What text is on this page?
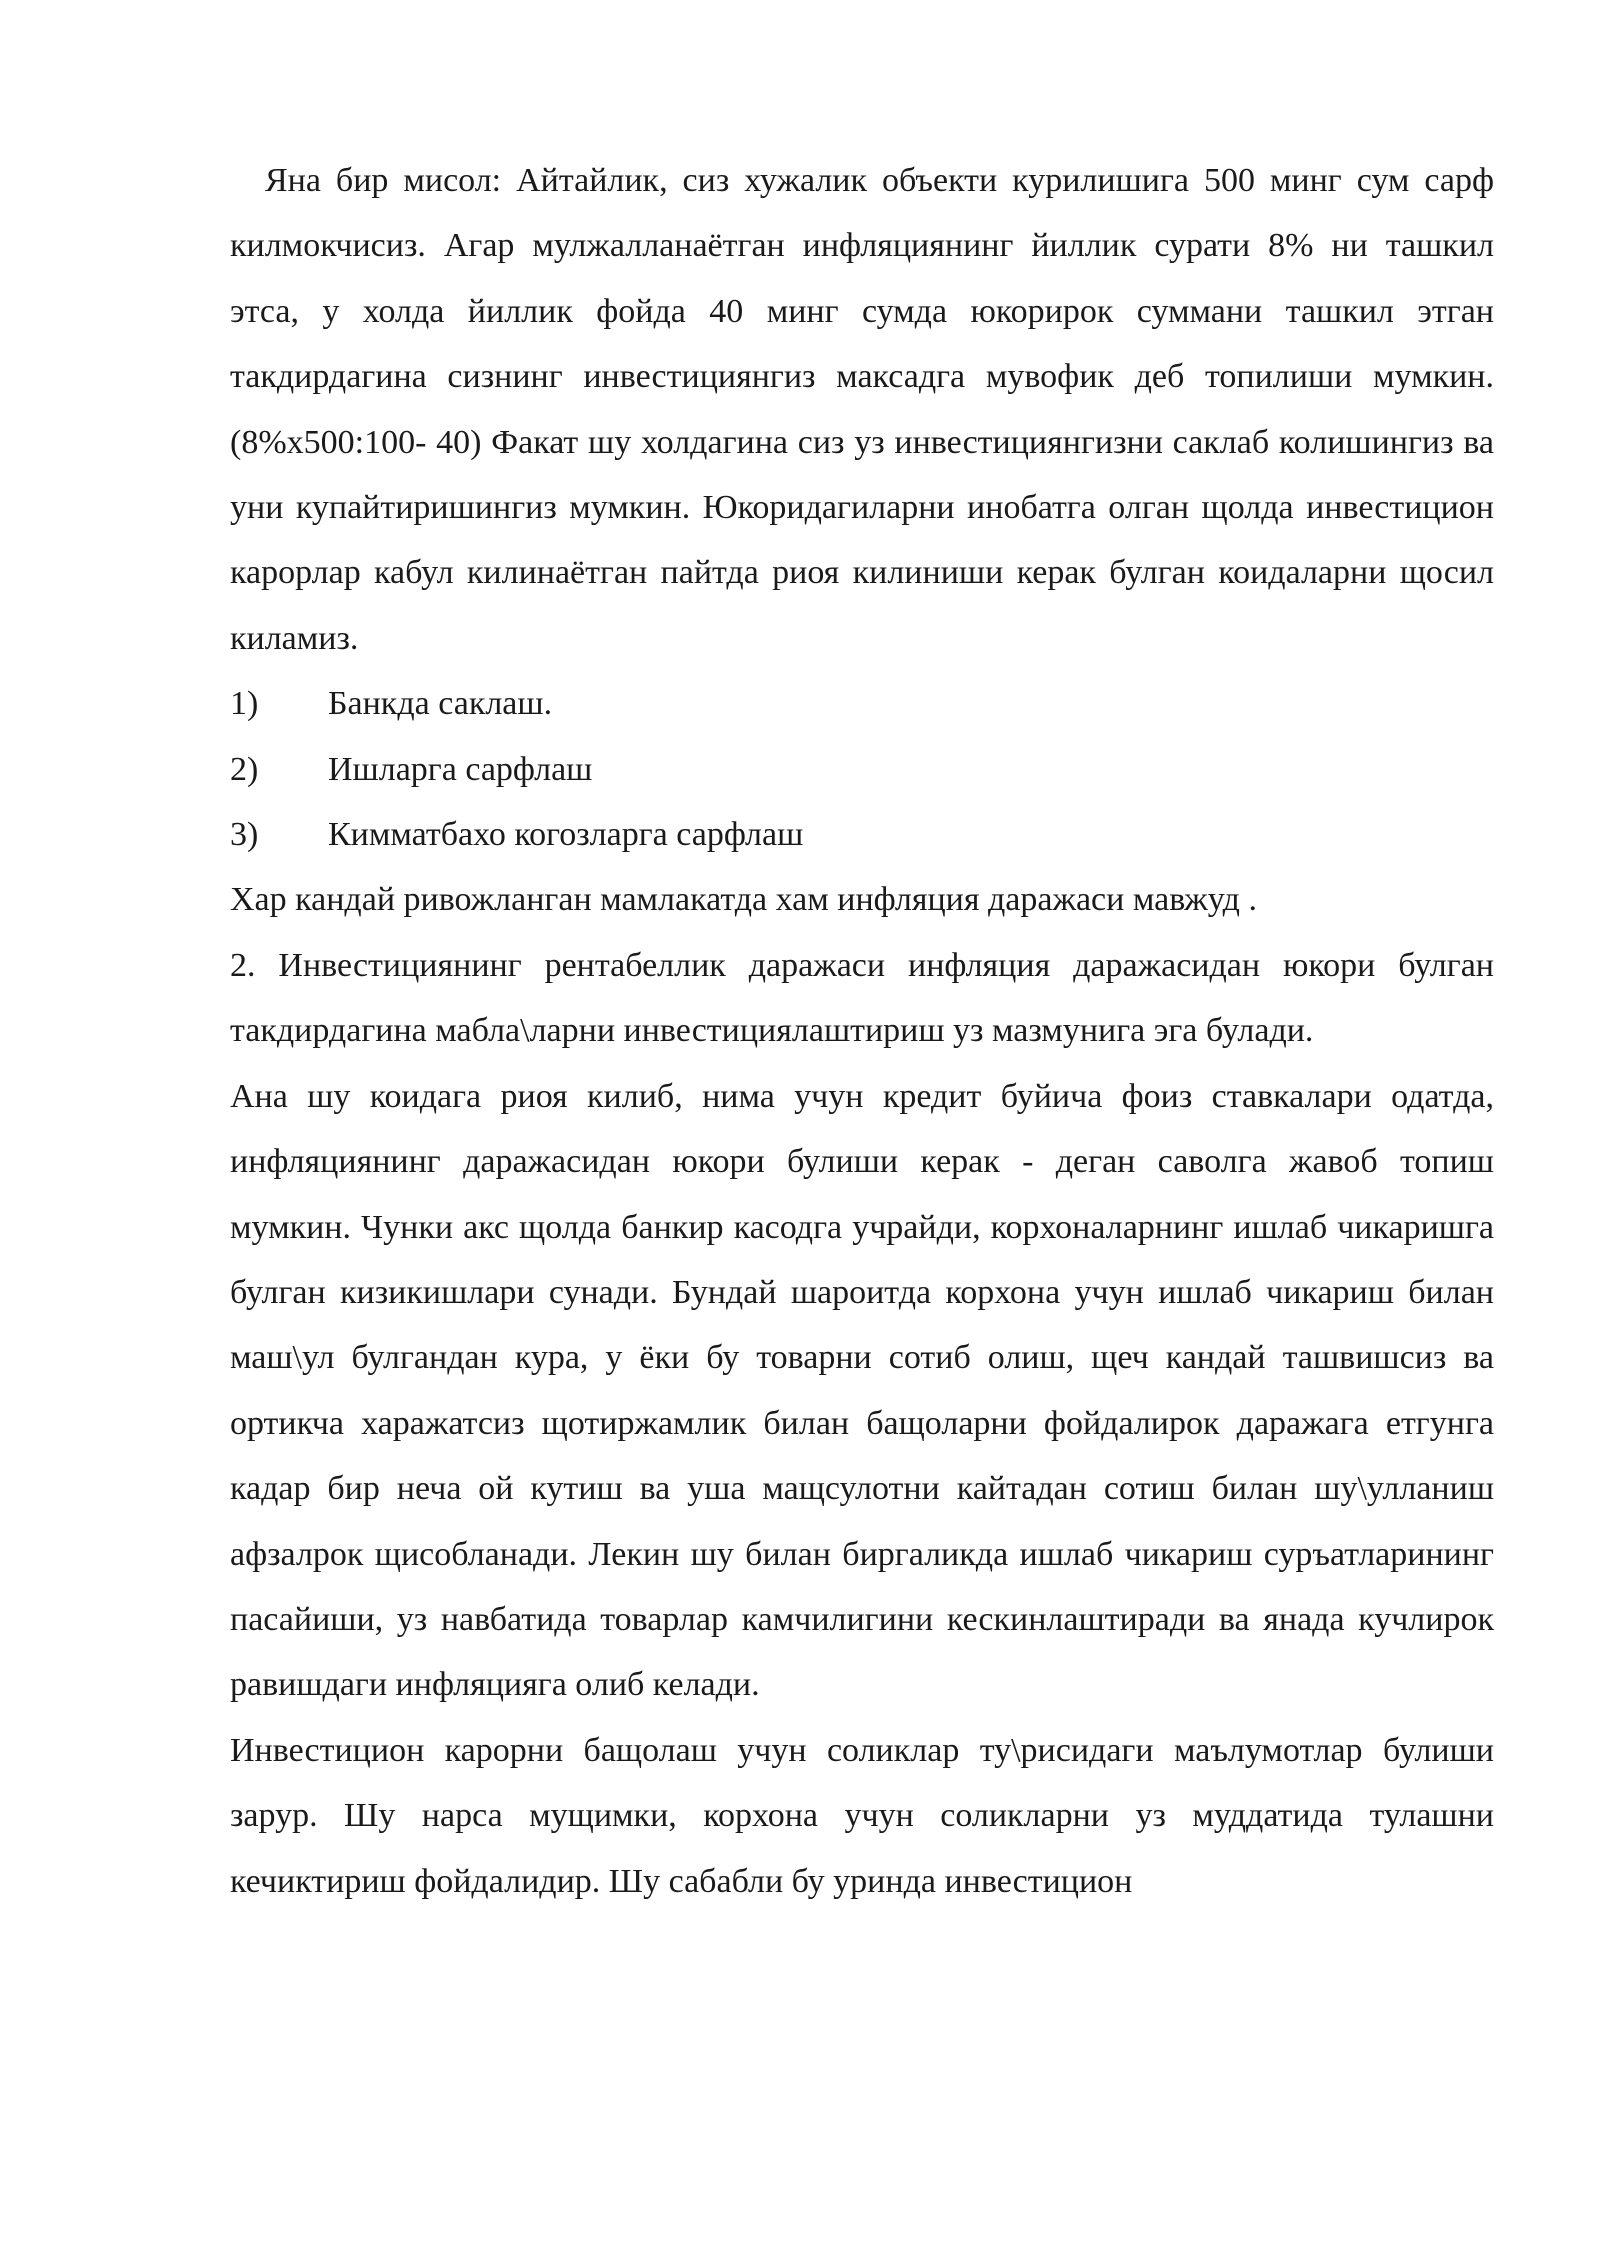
Яна бир мисол: Айтайлик, сиз хужалик объекти курилишига 500 минг сум сарф килмокчисиз. Агар мулжалланаётган инфляциянинг йиллик сурати 8% ни ташкил этса, у холда йиллик фойда 40 минг сумда юкорирок суммани ташкил этган такдирдагина сизнинг инвестициянгиз максадга мувофик деб топилиши мумкин. (8%х500:100- 40) Факат шу холдагина сиз уз инвестициянгизни саклаб колишингиз ва уни купайтиришингиз мумкин. Юкоридагиларни инобатга олган щолда инвестицион карорлар кабул килинаётган пайтда риоя килиниши керак булган коидаларни щосил киламиз.

1)	Банкда саклаш.
2)	Ишларга сарфлаш
3)	Кимматбахо когозларга сарфлаш

Хар кандай ривожланган мамлакатда хам инфляция даражаси мавжуд .

2. Инвестициянинг рентабеллик даражаси инфляция даражасидан юкори булган такдирдагина мабла\ларни инвестициялаштириш уз мазмунига эга булади.

Ана шу коидага риоя килиб, нима учун кредит буйича фоиз ставкалари одатда, инфляциянинг даражасидан юкори булиши керак - деган саволга жавоб топиш мумкин. Чунки акс щолда банкир касодга учрайди, корхоналарнинг ишлаб чикаришга булган кизикишлари сунади. Бундай шароитда корхона учун ишлаб чикариш билан маш\ул булгандан кура, у ёки бу товарни сотиб олиш, щеч кандай ташвишсиз ва ортикча харажатсиз щотиржамлик билан бащоларни фойдалирок даражага етгунга кадар бир неча ой кутиш ва уша мащсулотни кайтадан сотиш билан шу\улланиш афзалрок щисобланади. Лекин шу билан биргаликда ишлаб чикариш суръатларининг пасайиши, уз навбатида товарлар камчилигини кескинлаштиради ва янада кучлирок равишдаги инфляцияга олиб келади.

Инвестицион карорни бащолаш учун соликлар ту\рисидаги маълумотлар булиши зарур. Шу нарса мущимки, корхона учун соликларни уз муддатида тулашни кечиктириш фойдалидир. Шу сабабли бу уринда инвестицион
